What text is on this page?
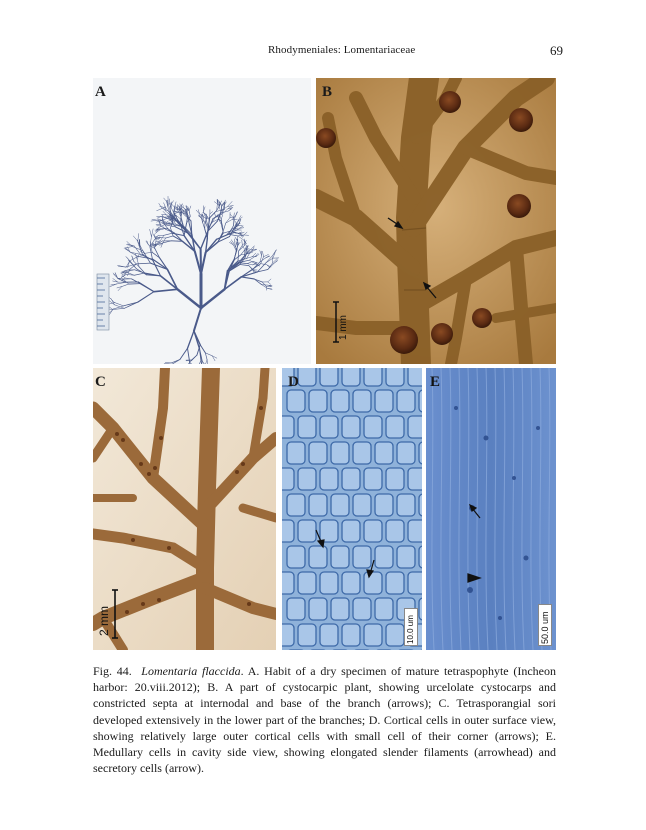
Rhodymeniales: Lomentariaceae	69
A	B
1 mm
C
2 mm
D
10.0 um
E
50.0 um

Fig. 44. Lomentaria flaccida. A. Habit of a dry specimen of mature tetraspophyte (Incheon harbor: 20.viii.2012); B. A part of cystocarpic plant, showing urcelolate cystocarps and constricted septa at internodal and base of the branch (arrows); C. Tetrasporangial sori developed extensively in the lower part of the branches; D. Cortical cells in outer surface view, showing relatively large outer cortical cells with small cell of their corner (arrows); E. Medullary cells in cavity side view, showing elongated slender filaments (arrowhead) and secretory cells (arrow).
